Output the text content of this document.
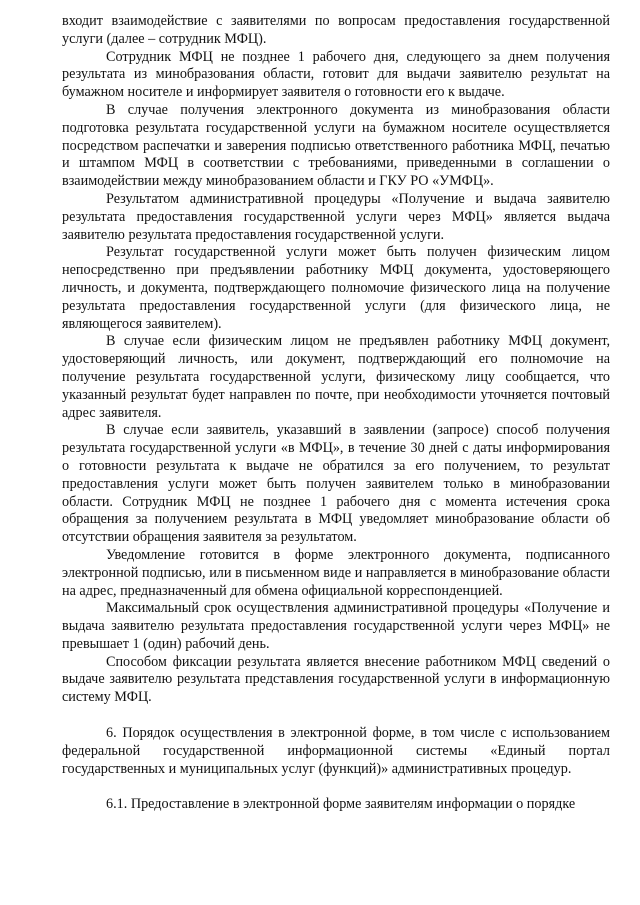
входит взаимодействие с заявителями по вопросам предоставления государственной услуги (далее – сотрудник МФЦ).

Сотрудник МФЦ не позднее 1 рабочего дня, следующего за днем получения результата из минобразования области, готовит для выдачи заявителю результат на бумажном носителе и информирует заявителя о готовности его к выдаче.

В случае получения электронного документа из минобразования области подготовка результата государственной услуги на бумажном носителе осуществляется посредством распечатки и заверения подписью ответственного работника МФЦ, печатью и штампом МФЦ в соответствии с требованиями, приведенными в соглашении о взаимодействии между минобразованием области и ГКУ РО «УМФЦ».

Результатом административной процедуры «Получение и выдача заявителю результата предоставления государственной услуги через МФЦ» является выдача заявителю результата предоставления государственной услуги.

Результат государственной услуги может быть получен физическим лицом непосредственно при предъявлении работнику МФЦ документа, удостоверяющего личность, и документа, подтверждающего полномочие физического лица на получение результата предоставления государственной услуги (для физического лица, не являющегося заявителем).

В случае если физическим лицом не предъявлен работнику МФЦ документ, удостоверяющий личность, или документ, подтверждающий его полномочие на получение результата государственной услуги, физическому лицу сообщается, что указанный результат будет направлен по почте, при необходимости уточняется почтовый адрес заявителя.

В случае если заявитель, указавший в заявлении (запросе) способ получения результата государственной услуги «в МФЦ», в течение 30 дней с даты информирования о готовности результата к выдаче не обратился за его получением, то результат предоставления услуги может быть получен заявителем только в минобразовании области. Сотрудник МФЦ не позднее 1 рабочего дня с момента истечения срока обращения за получением результата в МФЦ уведомляет минобразование области об отсутствии обращения заявителя за результатом.

Уведомление готовится в форме электронного документа, подписанного электронной подписью, или в письменном виде и направляется в минобразование области на адрес, предназначенный для обмена официальной корреспонденцией.

Максимальный срок осуществления административной процедуры «Получение и выдача заявителю результата предоставления государственной услуги через МФЦ» не превышает 1 (один) рабочий день.

Способом фиксации результата является внесение работником МФЦ сведений о выдаче заявителю результата представления государственной услуги в информационную систему МФЦ.

6. Порядок осуществления в электронной форме, в том числе с использованием федеральной государственной информационной системы «Единый портал государственных и муниципальных услуг (функций)» административных процедур.

6.1. Предоставление в электронной форме заявителям информации о порядке
